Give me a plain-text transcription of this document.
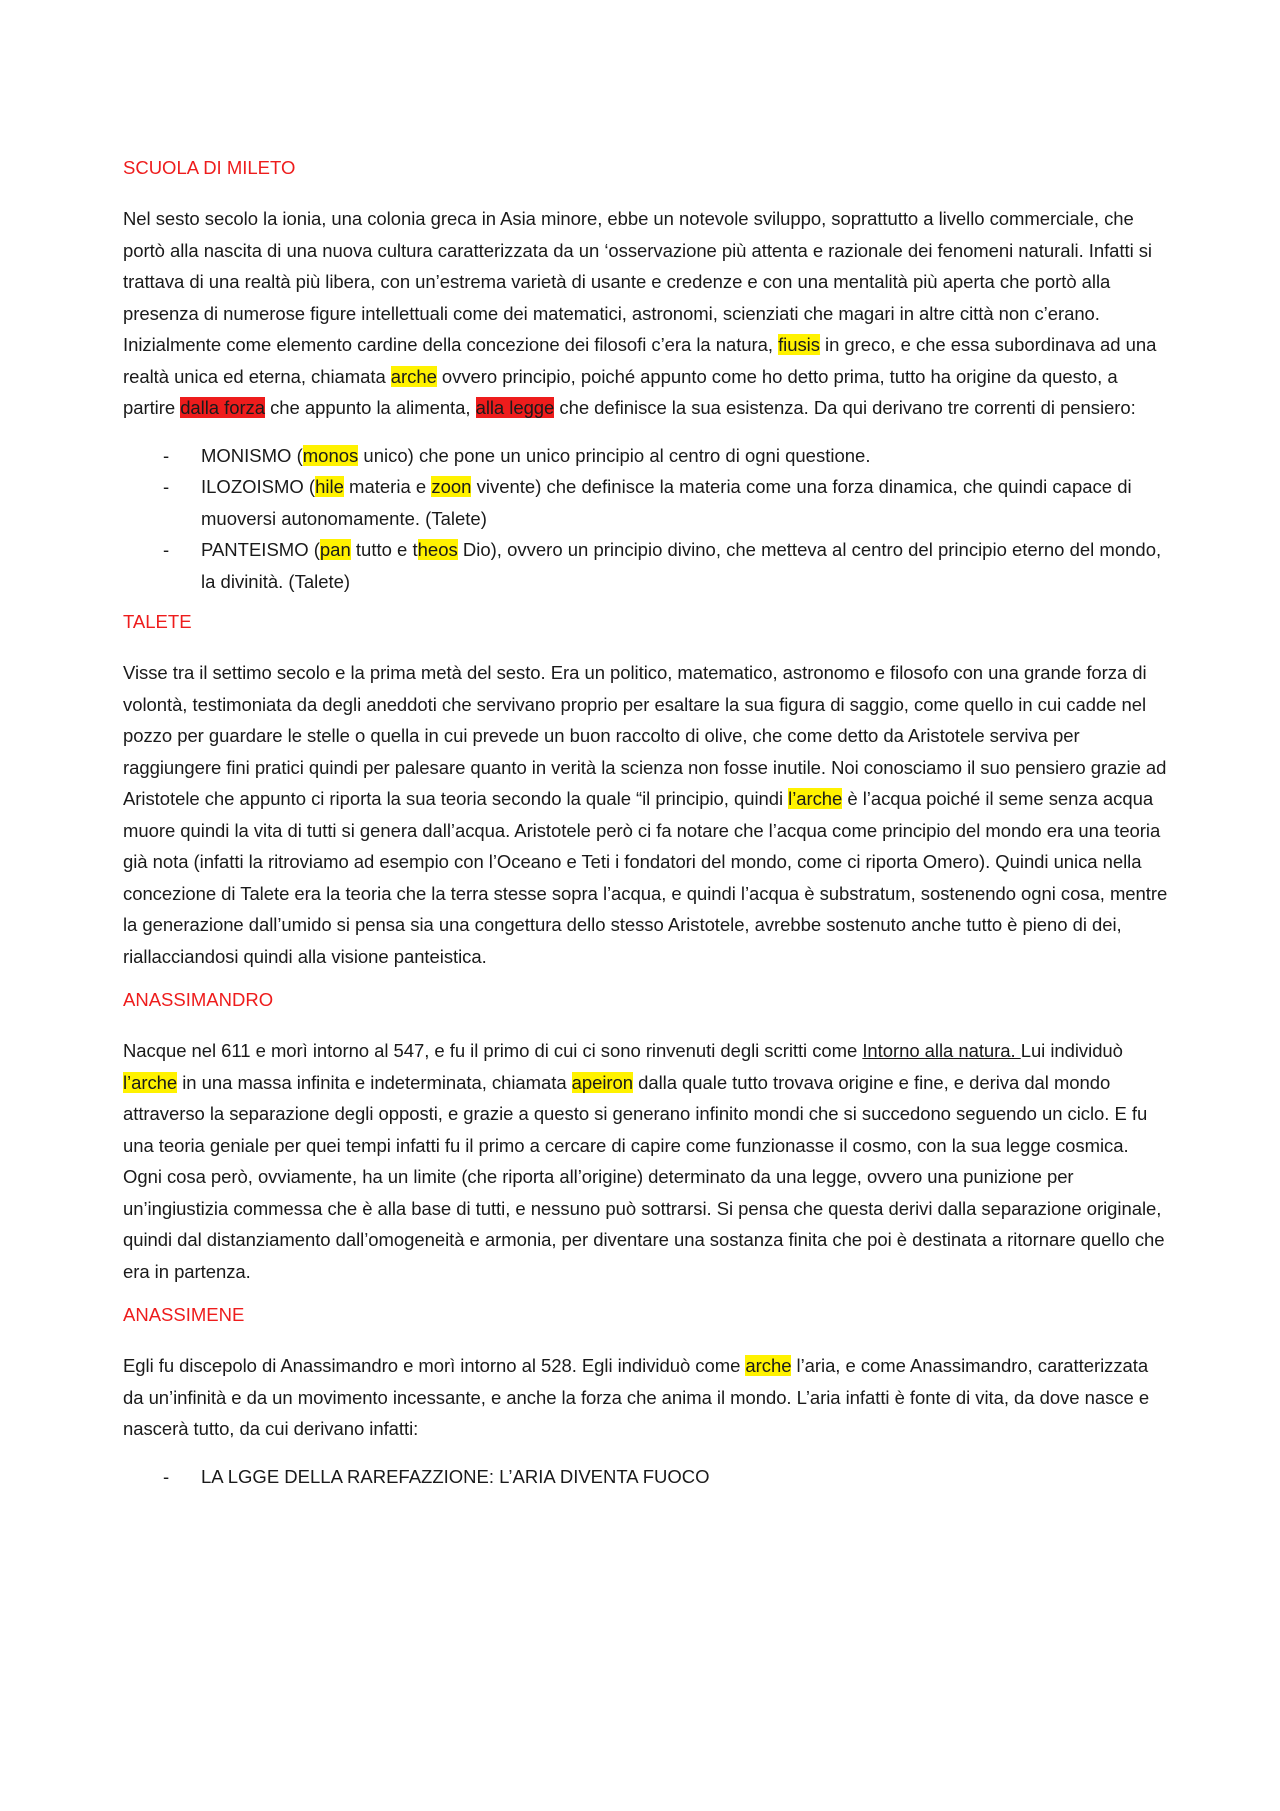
SCUOLA DI MILETO

Nel sesto secolo la ionia, una colonia greca in Asia minore, ebbe un notevole sviluppo, soprattutto a livello commerciale, che portò alla nascita di una nuova cultura caratterizzata da un ‘osservazione più attenta e razionale dei fenomeni naturali. Infatti si trattava di una realtà più libera, con un’estrema varietà di usante e credenze e con una mentalità più aperta che portò alla presenza di numerose figure intellettuali come dei matematici, astronomi, scienziati che magari in altre città non c’erano. Inizialmente come elemento cardine della concezione dei filosofi c’era la natura, fiusis in greco, e che essa subordinava ad una realtà unica ed eterna, chiamata arche ovvero principio, poiché appunto come ho detto prima, tutto ha origine da questo, a partire dalla forza che appunto la alimenta, alla legge che definisce la sua esistenza. Da qui derivano tre correnti di pensiero:

- MONISMO (monos unico) che pone un unico principio al centro di ogni questione.
- ILOZOISMO (hile materia e zoon vivente) che definisce la materia come una forza dinamica, che quindi capace di muoversi autonomamente. (Talete)
- PANTEISMO (pan tutto e theos Dio), ovvero un principio divino, che metteva al centro del principio eterno del mondo, la divinità. (Talete)
TALETE

Visse tra il settimo secolo e la prima metà del sesto. Era un politico, matematico, astronomo e filosofo con una grande forza di volontà, testimoniata da degli aneddoti che servivano proprio per esaltare la sua figura di saggio, come quello in cui cadde nel pozzo per guardare le stelle o quella in cui prevede un buon raccolto di olive, che come detto da Aristotele serviva per raggiungere fini pratici quindi per palesare quanto in verità la scienza non fosse inutile. Noi conosciamo il suo pensiero grazie ad Aristotele che appunto ci riporta la sua teoria secondo la quale “il principio, quindi l’arche è l’acqua poiché il seme senza acqua muore quindi la vita di tutti si genera dall’acqua. Aristotele però ci fa notare che l’acqua come principio del mondo era una teoria già nota (infatti la ritroviamo ad esempio con l’Oceano e Teti i fondatori del mondo, come ci riporta Omero). Quindi unica nella concezione di Talete era la teoria che la terra stesse sopra l’acqua, e quindi l’acqua è substratum, sostenendo ogni cosa, mentre la generazione dall’umido si pensa sia una congettura dello stesso Aristotele, avrebbe sostenuto anche tutto è pieno di dei, riallacciandosi quindi alla visione panteistica.

ANASSIMANDRO

Nacque nel 611 e morì intorno al 547, e fu il primo di cui ci sono rinvenuti degli scritti come Intorno alla natura. Lui individuò l’arche in una massa infinita e indeterminata, chiamata apeiron dalla quale tutto trovava origine e fine, e deriva dal mondo attraverso la separazione degli opposti, e grazie a questo si generano infinito mondi che si succedono seguendo un ciclo. E fu una teoria geniale per quei tempi infatti fu il primo a cercare di capire come funzionasse il cosmo, con la sua legge cosmica. Ogni cosa però, ovviamente, ha un limite (che riporta all’origine) determinato da una legge, ovvero una punizione per un’ingiustizia commessa che è alla base di tutti, e nessuno può sottrarsi. Si pensa che questa derivi dalla separazione originale, quindi dal distanziamento dall’omogeneità e armonia, per diventare una sostanza finita che poi è destinata a ritornare quello che era in partenza.

ANASSIMENE

Egli fu discepolo di Anassimandro e morì intorno al 528. Egli individuò come arche l’aria, e come Anassimandro, caratterizzata da un’infinità e da un movimento incessante, e anche la forza che anima il mondo. L’aria infatti è fonte di vita, da dove nasce e nascerà tutto, da cui derivano infatti:

- LA LGGE DELLA RAREFAZZIONE: L’ARIA DIVENTA FUOCO
